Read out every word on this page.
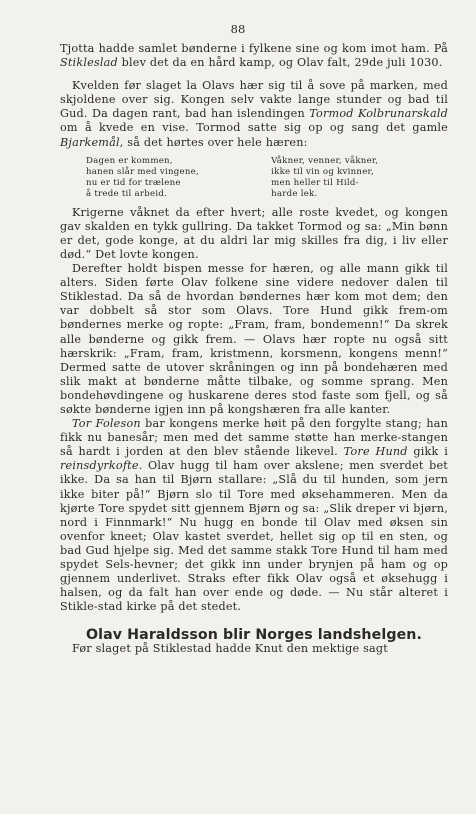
88

Tjotta hadde samlet bønderne i fylkene sine og kom imot ham. På Stikleslad blev det da en hård kamp, og Olav falt, 29de juli 1030.

Kvelden før slaget la Olavs hær sig til å sove på marken, med skjoldene over sig. Kongen selv vakte lange stunder og bad til Gud. Da dagen rant, bad han islendingen Tormod Kolbrunarskald om å kvede en vise. Tormod satte sig op og sang det gamle Bjarkemål, så det hørtes over hele hæren:

Dagen er kommen,
hanen slår med vingene,
nu er tid for trælene
å trede til arbeid.
Våkner, venner, våkner,
ikke til vin og kvinner,
men heller til Hild-
harde lek.

Krigerne våknet da efter hvert; alle roste kvedet, og kongen gav skalden en tykk gullring. Da takket Tormod og sa: „Min bønn er det, gode konge, at du aldri lar mig skilles fra dig, i liv eller død.“ Det lovte kongen.

Derefter holdt bispen messe for hæren, og alle mann gikk til alters. Siden førte Olav folkene sine videre nedover dalen til Stiklestad. Da så de hvordan bøndernes hær kom mot dem; den var dobbelt så stor som Olavs. Tore Hund gikk frem-om bøndernes merke og ropte: „Fram, fram, bondemenn!“ Da skrek alle bønderne og gikk frem. — Olavs hær ropte nu også sitt hærskrik: „Fram, fram, kristmenn, korsmenn, kongens menn!“ Dermed satte de utover skråningen og inn på bondehæren med slik makt at bønderne måtte tilbake, og somme sprang. Men bondehøvdingene og huskarene deres stod faste som fjell, og så søkte bønderne igjen inn på kongshæren fra alle kanter.

Tor Foleson bar kongens merke høit på den forgylte stang; han fikk nu banesår; men med det samme støtte han merke-stangen så hardt i jorden at den blev stående likevel. Tore Hund gikk i reinsdyrkofte. Olav hugg til ham over akslene; men sverdet bet ikke. Da sa han til Bjørn stallare: „Slå du til hunden, som jern ikke biter på!“ Bjørn slo til Tore med øksehammeren. Men da kjørte Tore spydet sitt gjennem Bjørn og sa: „Slik dreper vi bjørn, nord i Finnmark!“ Nu hugg en bonde til Olav med øksen sin ovenfor kneet; Olav kastet sverdet, hellet sig op til en sten, og bad Gud hjelpe sig. Med det samme stakk Tore Hund til ham med spydet Sels-hevner; det gikk inn under brynjen på ham og op gjennem underlivet. Straks efter fikk Olav også et øksehugg i halsen, og da falt han over ende og døde. — Nu står alteret i Stikle-stad kirke på det stedet.

Olav Haraldsson blir Norges landshelgen.

Før slaget på Stiklestad hadde Knut den mektige sagt
